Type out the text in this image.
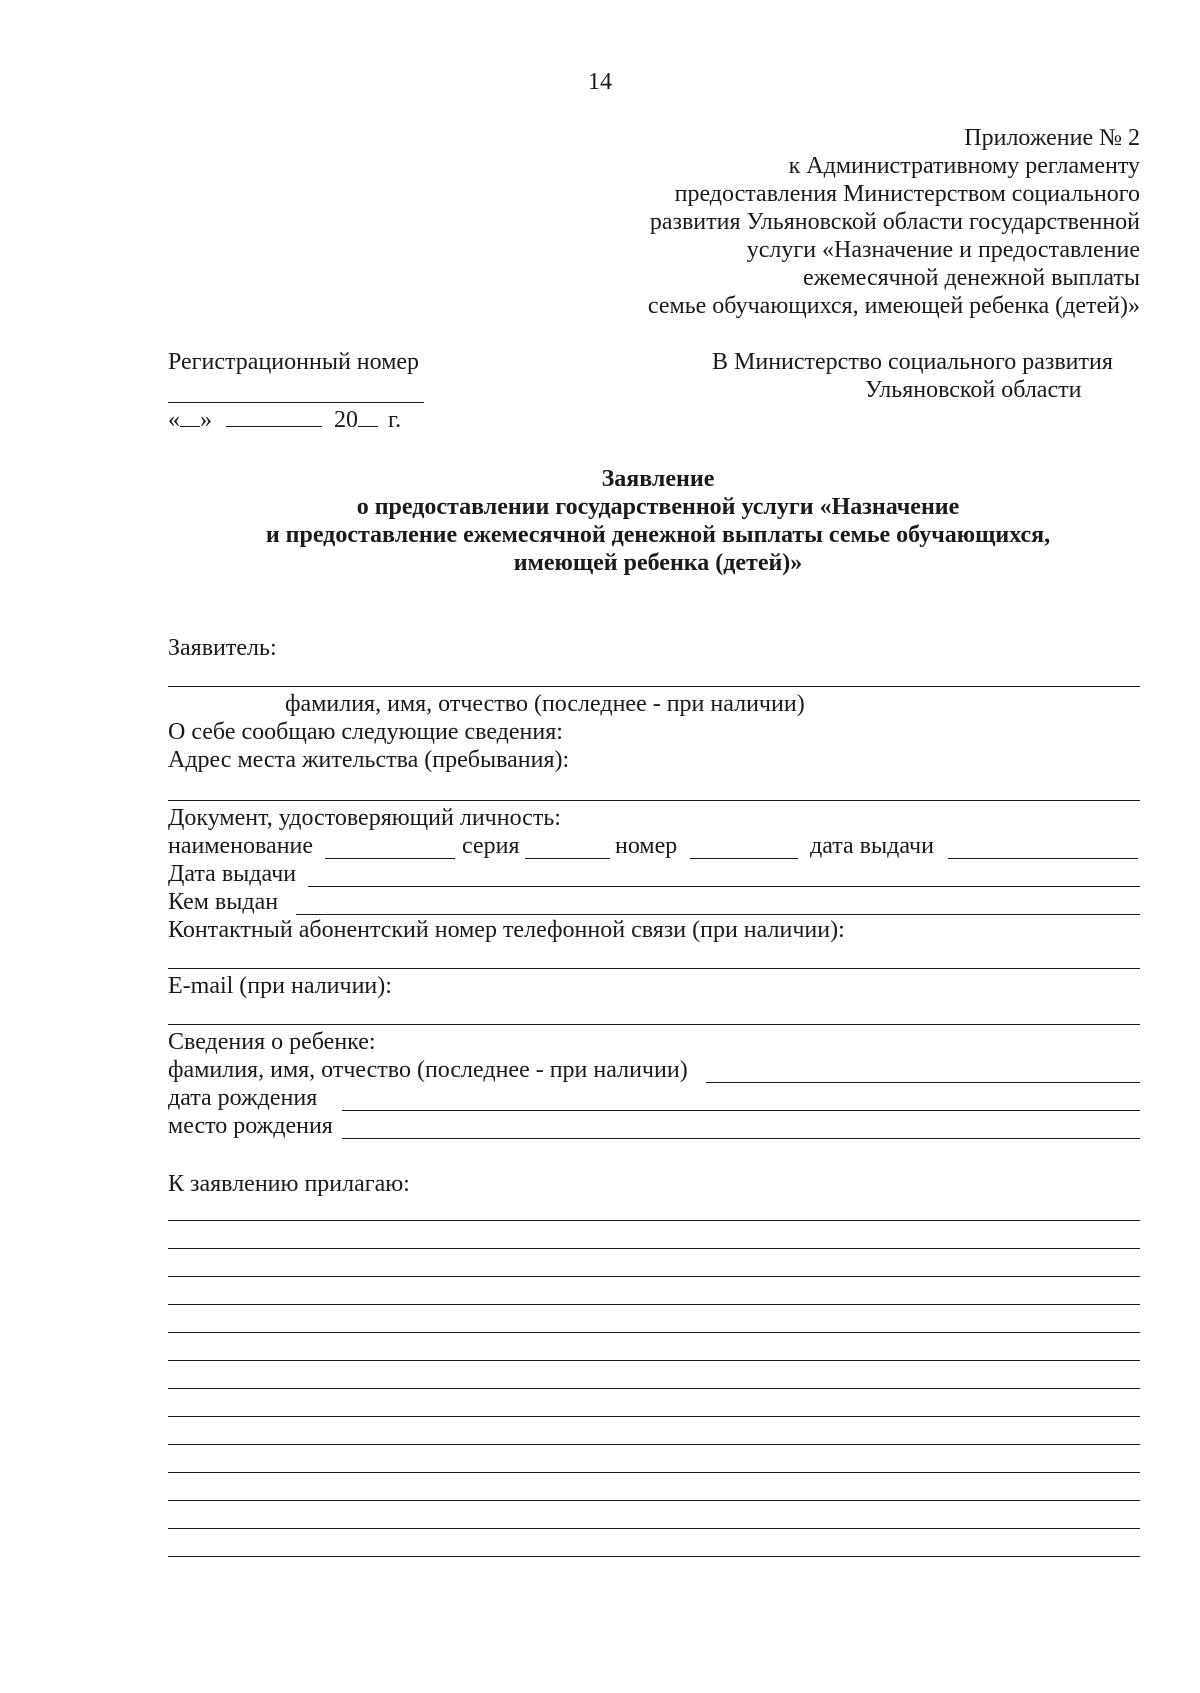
14
Приложение № 2
к Административному регламенту
предоставления Министерством социального
развития Ульяновской области государственной
услуги «Назначение и предоставление
ежемесячной денежной выплаты
семье обучающихся, имеющей ребенка (детей)»
Регистрационный номер
« »	20 г.
В Министерство социального развития
Ульяновской области
Заявление
о предоставлении государственной услуги «Назначение
и предоставление ежемесячной денежной выплаты семье обучающихся,
имеющей ребенка (детей)»
Заявитель:
фамилия, имя, отчество (последнее - при наличии)
О себе сообщаю следующие сведения:
Адрес места жительства (пребывания):
Документ, удостоверяющий личность:
наименование	серия	номер	дата выдачи
Дата выдачи
Кем выдан
Контактный абонентский номер телефонной связи (при наличии):
E-mail (при наличии):
Сведения о ребенке:
фамилия, имя, отчество (последнее - при наличии)
дата рождения
место рождения
К заявлению прилагаю:
